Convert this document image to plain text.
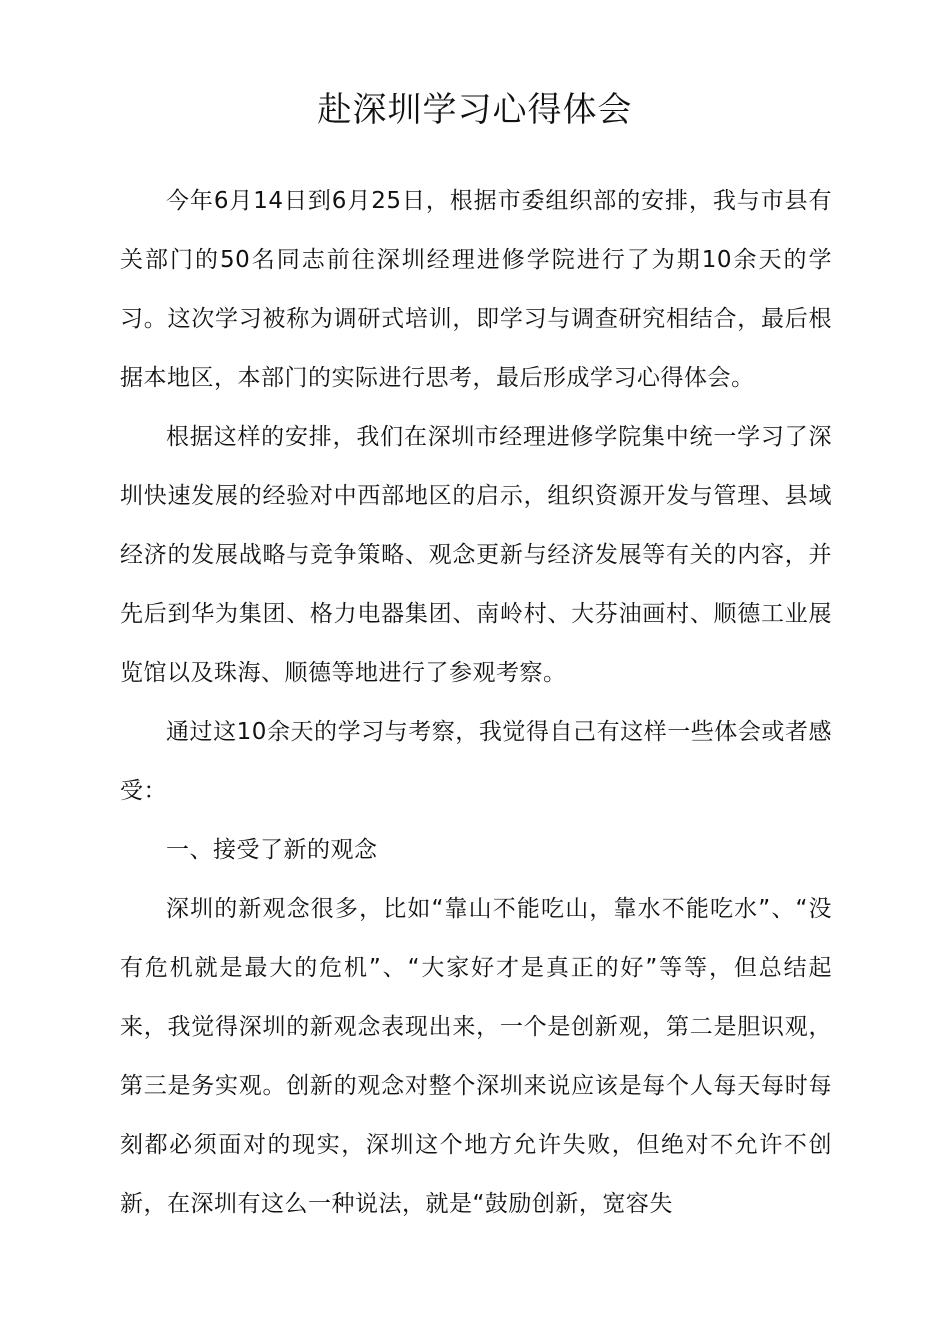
赴深圳学习心得体会

今年6月14日到6月25日，根据市委组织部的安排，我与市县有关部门的50名同志前往深圳经理进修学院进行了为期10余天的学习。这次学习被称为调研式培训，即学习与调查研究相结合，最后根据本地区，本部门的实际进行思考，最后形成学习心得体会。

根据这样的安排，我们在深圳市经理进修学院集中统一学习了深圳快速发展的经验对中西部地区的启示，组织资源开发与管理、县域经济的发展战略与竞争策略、观念更新与经济发展等有关的内容，并先后到华为集团、格力电器集团、南岭村、大芬油画村、顺德工业展览馆以及珠海、顺德等地进行了参观考察。

通过这10余天的学习与考察，我觉得自己有这样一些体会或者感受：

一、接受了新的观念

深圳的新观念很多，比如“靠山不能吃山，靠水不能吃水”、“没有危机就是最大的危机”、“大家好才是真正的好”等等，但总结起来，我觉得深圳的新观念表现出来，一个是创新观，第二是胆识观，第三是务实观。创新的观念对整个深圳来说应该是每个人每天每时每刻都必须面对的现实，深圳这个地方允许失败，但绝对不允许不创新，在深圳有这么一种说法，就是“鼓励创新，宽容失
